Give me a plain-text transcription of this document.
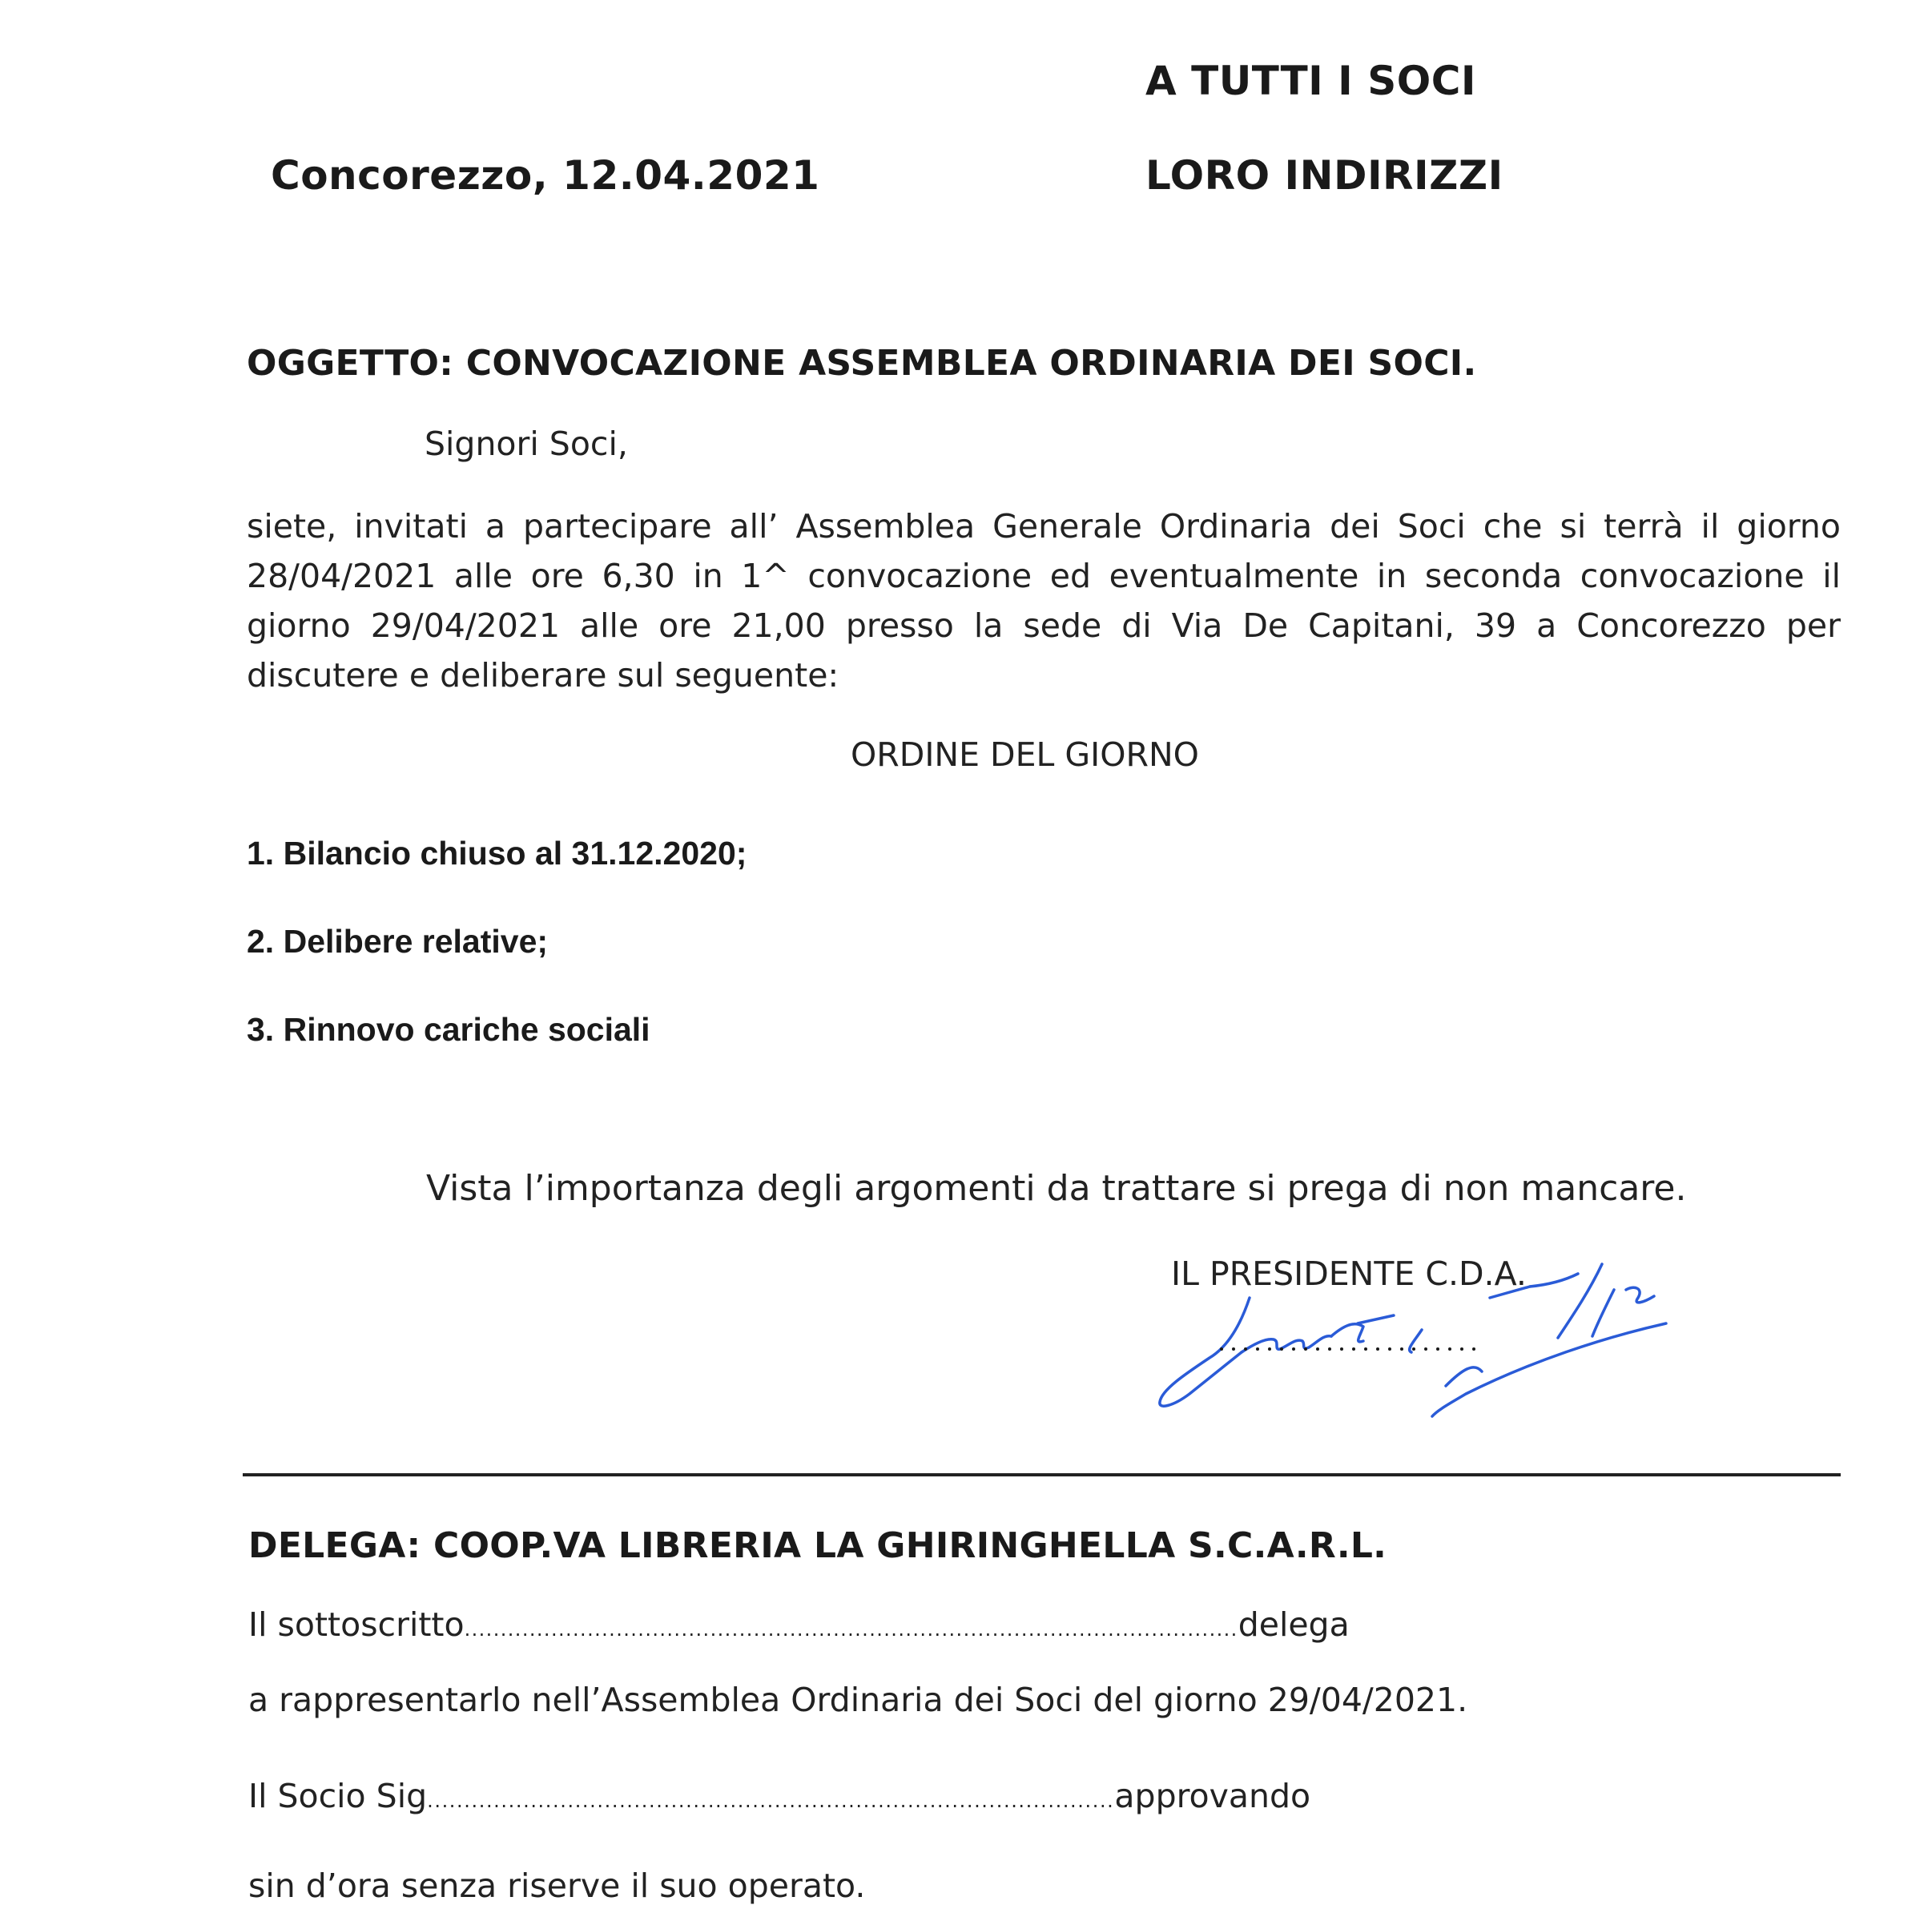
A TUTTI I SOCI
Concorezzo, 12.04.2021	LORO INDIRIZZI
OGGETTO: CONVOCAZIONE ASSEMBLEA ORDINARIA DEI SOCI.
Signori Soci,
siete, invitati a partecipare all’ Assemblea Generale Ordinaria dei Soci che si terrà il giorno 28/04/2021 alle ore 6,30 in 1^ convocazione ed eventualmente in seconda convocazione il giorno 29/04/2021 alle ore 21,00 presso la sede di Via De Capitani, 39 a Concorezzo per discutere e deliberare sul seguente:
ORDINE DEL GIORNO
1. Bilancio chiuso al 31.12.2020;
2. Delibere relative;
3. Rinnovo cariche sociali
Vista l’importanza degli argomenti da trattare si prega di non mancare.
IL PRESIDENTE C.D.A.
DELEGA: COOP.VA LIBRERIA LA GHIRINGHELLA S.C.A.R.L.
Il sottoscritto...........................................................................................................delega
a rappresentarlo nell’Assemblea Ordinaria dei Soci del giorno 29/04/2021.
Il Socio Sig.............................................................................................approvando
sin d’ora senza riserve il suo operato.
